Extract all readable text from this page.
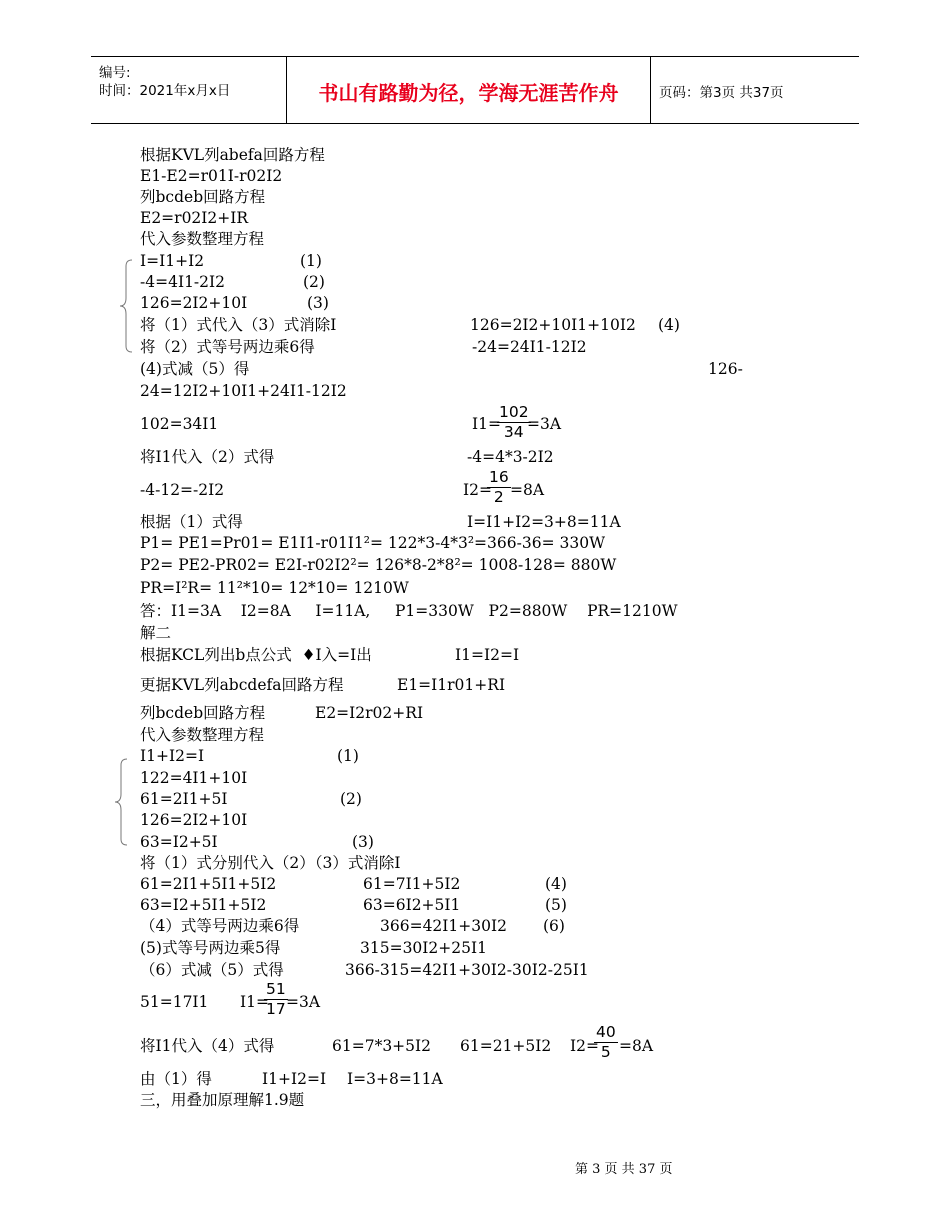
编号:
时间：2021年x月x日	书山有路勤为径，学海无涯苦作舟	页码：第3页 共37页
根据KVL列abefa回路方程
E1-E2=r01I-r02I2
列bcdeb回路方程
E2=r02I2+IR
代入参数整理方程
I=I1+I2	(1)
-4=4I1-2I2	(2)
126=2I2+10I	(3)
将（1）式代入（3）式消除I	126=2I2+10I1+10I2 (4)
将（2）式等号两边乘6得	-24=24I1-12I2
(4)式减（5）得	126-
24=12I2+10I1+24I1-12I2
102=34I1	I1=
$\frac{102}{34}$
=3A
将I1代入（2）式得	-4=4*3-2I2
-4-12=-2I2	I2=
$\frac{16}{2} =8A$
根据（1）式得	I=I1+I2=3+8=11A
P1= PE1=Pr01= E1I1-r01I1²= 122*3-4*3²=366-36= 330W
P2= PE2-PR02= E2I-r02I2²= 126*8-2*8²= 1008-128= 880W
PR=I²R= 11²*10= 12*10= 1210W
答：I1=3A    I2=8A     I=11A,     P1=330W   P2=880W    PR=1210W
解二
根据KCL列出b点公式  ♦I入=I出	I1=I2=I
更据KVL列abcdefa回路方程	E1=I1r01+RI
列bcdeb回路方程	E2=I2r02+RI
代入参数整理方程
I1+I2=I	(1)
122=4I1+10I
61=2I1+5I	(2)
126=2I2+10I
63=I2+5I	(3)
将（1）式分别代入（2）（3）式消除I
61=2I1+5I1+5I2	61=7I1+5I2	(4)
63=I2+5I1+5I2	63=6I2+5I1	(5)
（4）式等号两边乘6得	366=42I1+30I2 (6)
(5)式等号两边乘5得	315=30I2+25I1
（6）式减（5）式得	366-315=42I1+30I2-30I2-25I1
51=17I1 I1=
$\frac{51}{17}$
=3A
将I1代入（4）式得	61=7*3+5I2 61=21+5I2 I2=
$\frac{40}{5} =8A$
由（1）得	I1+I2=I I=3+8=11A
三，用叠加原理解1.9题
第 3 页 共 37 页
